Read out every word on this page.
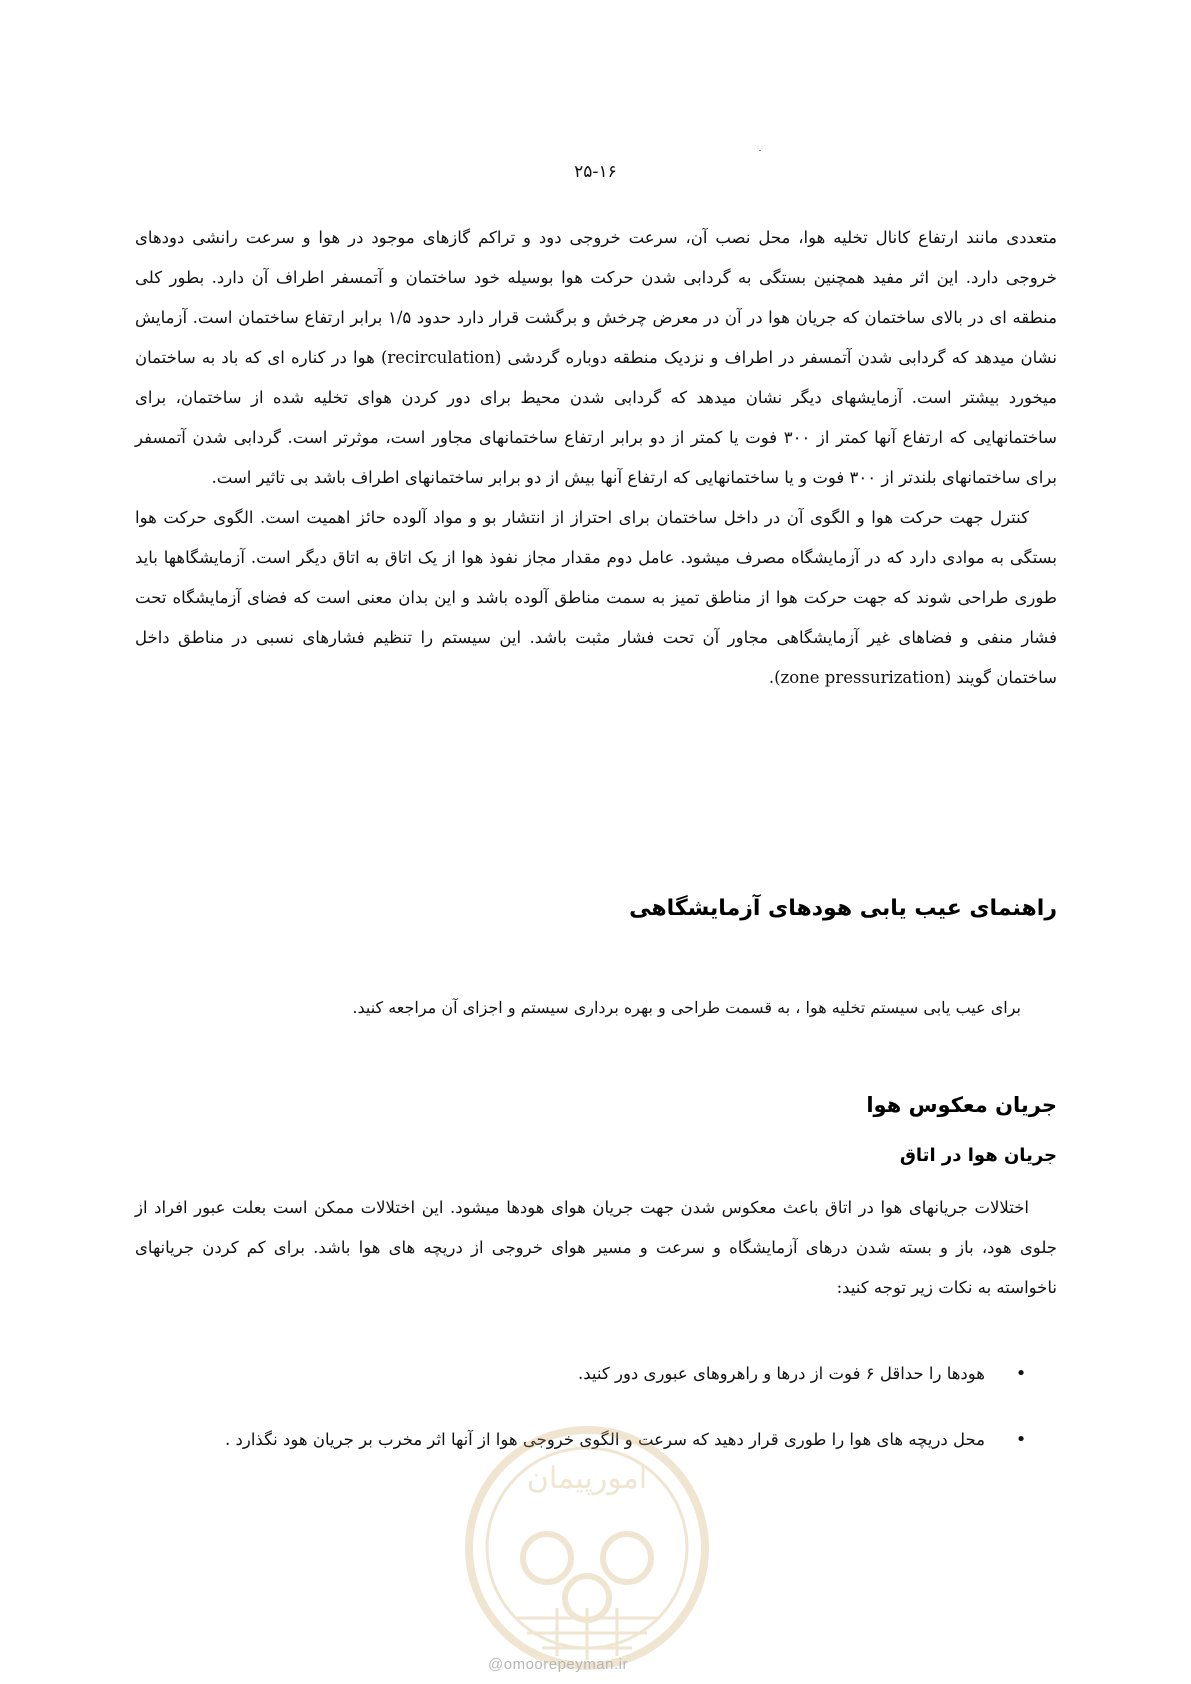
۲۵-۱۶

متعددی مانند ارتفاع کانال تخلیه هوا، محل نصب آن، سرعت خروجی دود و تراکم گازهای موجود در هوا و سرعت رانشی دودهای خروجی دارد. این اثر مفید همچنین بستگی به گردابی شدن حرکت هوا بوسیله خود ساختمان و آتمسفر اطراف آن دارد. بطور کلی منطقه ای در بالای ساختمان که جریان هوا در آن در معرض چرخش و برگشت قرار دارد حدود ۱/۵ برابر ارتفاع ساختمان است. آزمایش نشان میدهد که گردابی شدن آتمسفر در اطراف و نزدیک منطقه دوباره گردشی (recirculation) هوا در کناره ای که باد به ساختمان میخورد بیشتر است. آزمایشهای دیگر نشان میدهد که گردابی شدن محیط برای دور کردن هوای تخلیه شده از ساختمان، برای ساختمانهایی که ارتفاع آنها کمتر از ۳۰۰ فوت یا کمتر از دو برابر ارتفاع ساختمانهای مجاور است، موثرتر است. گردابی شدن آتمسفر برای ساختمانهای بلندتر از ۳۰۰ فوت و یا ساختمانهایی که ارتفاع آنها بیش از دو برابر ساختمانهای اطراف باشد بی تاثیر است.

کنترل جهت حرکت هوا و الگوی آن در داخل ساختمان برای احتراز از انتشار بو و مواد آلوده حائز اهمیت است. الگوی حرکت هوا بستگی به موادی دارد که در آزمایشگاه مصرف میشود. عامل دوم مقدار مجاز نفوذ هوا از یک اتاق به اتاق دیگر است. آزمایشگاهها باید طوری طراحی شوند که جهت حرکت هوا از مناطق تمیز به سمت مناطق آلوده باشد و این بدان معنی است که فضای آزمایشگاه تحت فشار منفی و فضاهای غیر آزمایشگاهی مجاور آن تحت فشار مثبت باشد. این سیستم را تنظیم فشارهای نسبی در مناطق داخل ساختمان گویند (zone pressurization).

راهنمای عیب یابی هودهای آزمایشگاهی
برای عیب یابی سیستم تخلیه هوا ، به قسمت طراحی و بهره برداری سیستم و اجزای آن مراجعه کنید.
جریان معکوس هوا
جریان هوا در اتاق

اختلالات جریانهای هوا در اتاق باعث معکوس شدن جهت جریان هوای هودها میشود. این اختلالات ممکن است بعلت عبور افراد از جلوی هود، باز و بسته شدن درهای آزمایشگاه و سرعت و مسیر هوای خروجی از دریچه های هوا باشد. برای کم کردن جریانهای ناخواسته به نکات زیر توجه کنید:

•
هودها را حداقل ۶ فوت از درها و راهروهای عبوری دور کنید.
•
محل دریچه های هوا را طوری قرار دهید که سرعت و الگوی خروجی هوا از آنها اثر مخرب بر جریان هود نگذارد .
امورپیمان
@omoorepeyman.ir
